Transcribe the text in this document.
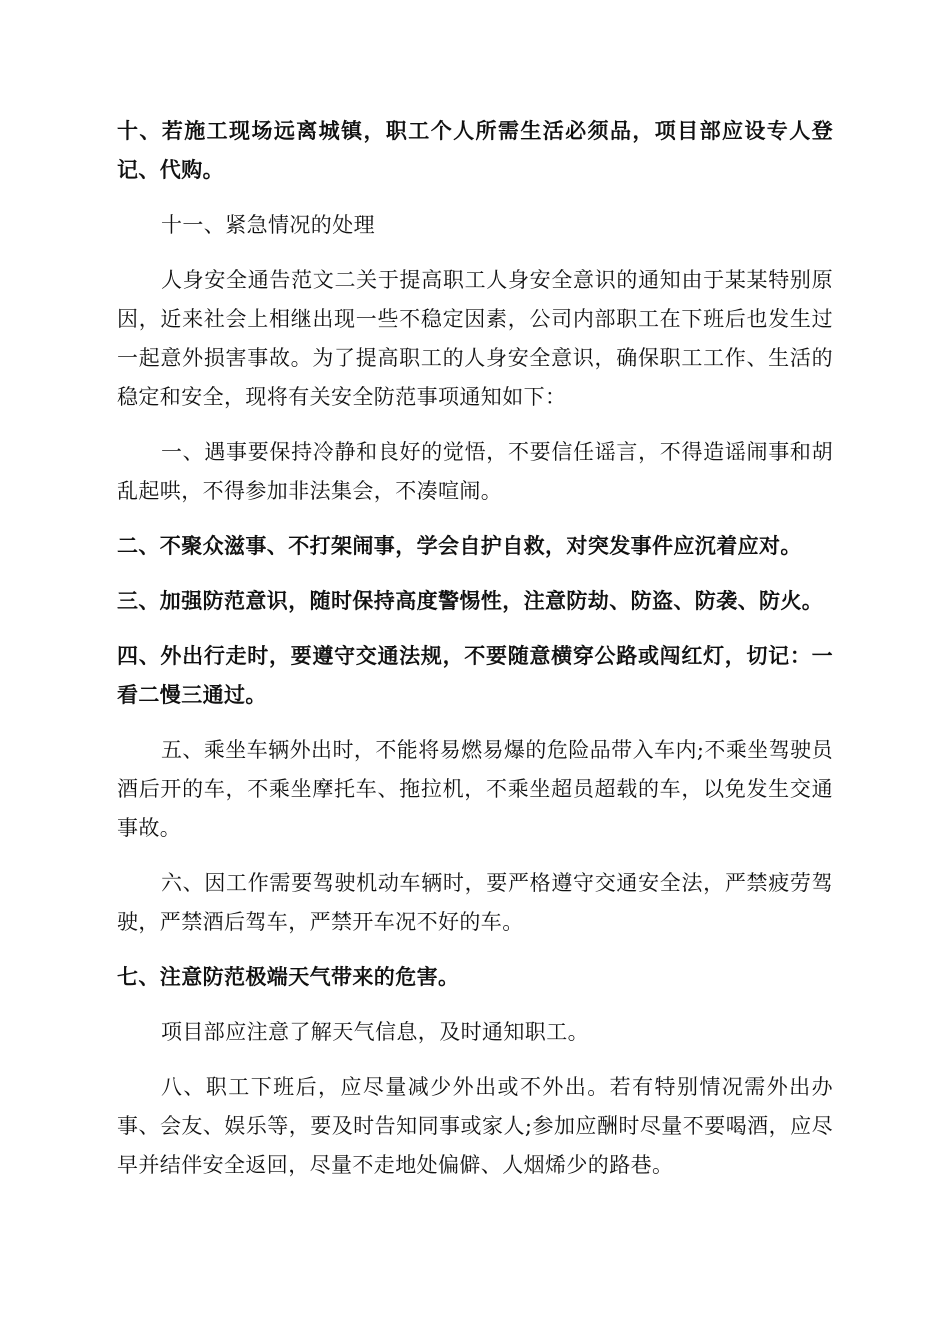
十、若施工现场远离城镇，职工个人所需生活必须品，项目部应设专人登记、代购。

十一、紧急情况的处理

人身安全通告范文二关于提高职工人身安全意识的通知由于某某特别原因，近来社会上相继出现一些不稳定因素，公司内部职工在下班后也发生过一起意外损害事故。为了提高职工的人身安全意识，确保职工工作、生活的稳定和安全，现将有关安全防范事项通知如下：

一、遇事要保持冷静和良好的觉悟，不要信任谣言，不得造谣闹事和胡乱起哄，不得参加非法集会，不凑喧闹。

二、不聚众滋事、不打架闹事，学会自护自救，对突发事件应沉着应对。

三、加强防范意识，随时保持高度警惕性，注意防劫、防盗、防袭、防火。

四、外出行走时，要遵守交通法规，不要随意横穿公路或闯红灯，切记：一看二慢三通过。

五、乘坐车辆外出时，不能将易燃易爆的危险品带入车内;不乘坐驾驶员酒后开的车，不乘坐摩托车、拖拉机，不乘坐超员超载的车，以免发生交通事故。

六、因工作需要驾驶机动车辆时，要严格遵守交通安全法，严禁疲劳驾驶，严禁酒后驾车，严禁开车况不好的车。

七、注意防范极端天气带来的危害。

项目部应注意了解天气信息，及时通知职工。

八、职工下班后，应尽量减少外出或不外出。若有特别情况需外出办事、会友、娱乐等，要及时告知同事或家人;参加应酬时尽量不要喝酒，应尽早并结伴安全返回，尽量不走地处偏僻、人烟烯少的路巷。
